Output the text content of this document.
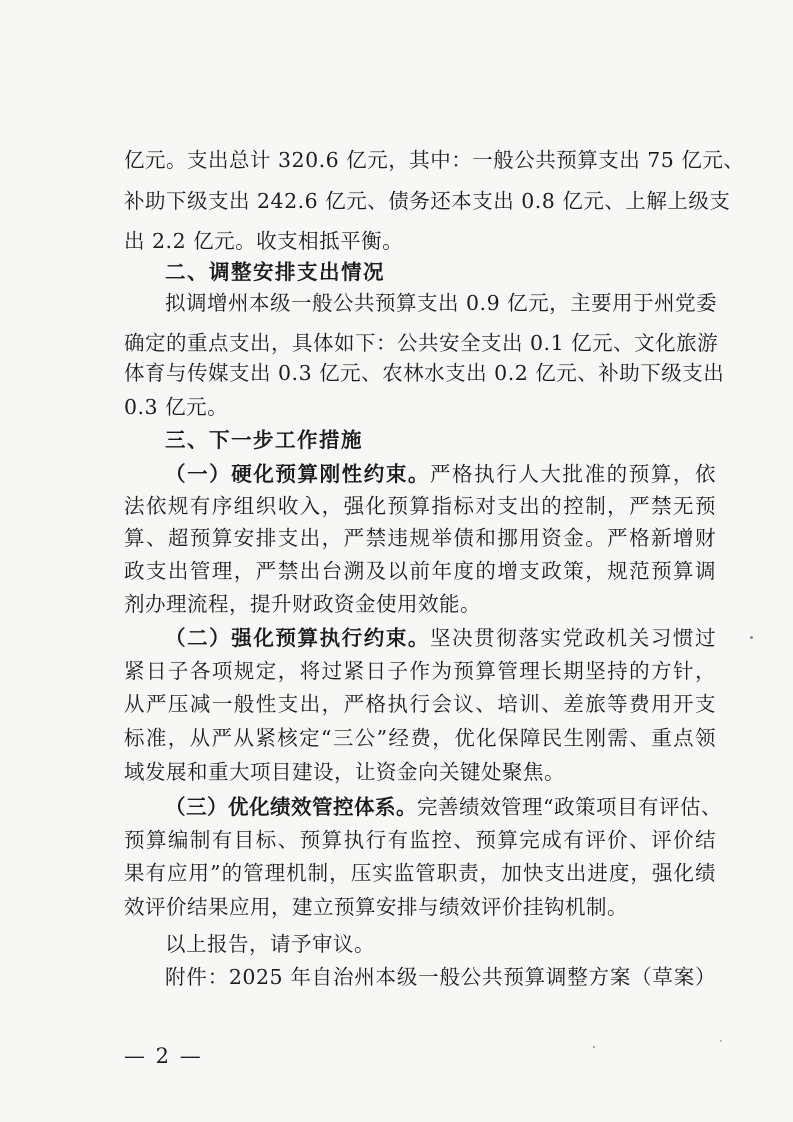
亿元。支出总计 320.6 亿元，其中：一般公共预算支出 75 亿元、
补助下级支出 242.6 亿元、债务还本支出 0.8 亿元、上解上级支
出 2.2 亿元。收支相抵平衡。
二、调整安排支出情况
拟调增州本级一般公共预算支出 0.9 亿元，主要用于州党委
确定的重点支出，具体如下：公共安全支出 0.1 亿元、文化旅游
体育与传媒支出 0.3 亿元、农林水支出 0.2 亿元、补助下级支出
0.3 亿元。
三、下一步工作措施
（一）硬化预算刚性约束。严格执行人大批准的预算，依
法依规有序组织收入，强化预算指标对支出的控制，严禁无预
算、超预算安排支出，严禁违规举债和挪用资金。严格新增财
政支出管理，严禁出台溯及以前年度的增支政策，规范预算调
剂办理流程，提升财政资金使用效能。
（二）强化预算执行约束。坚决贯彻落实党政机关习惯过
紧日子各项规定，将过紧日子作为预算管理长期坚持的方针，
从严压减一般性支出，严格执行会议、培训、差旅等费用开支
标准，从严从紧核定“三公”经费，优化保障民生刚需、重点领
域发展和重大项目建设，让资金向关键处聚焦。
（三）优化绩效管控体系。完善绩效管理“政策项目有评估、
预算编制有目标、预算执行有监控、预算完成有评价、评价结
果有应用”的管理机制，压实监管职责，加快支出进度，强化绩
效评价结果应用，建立预算安排与绩效评价挂钩机制。
以上报告，请予审议。
附件：2025 年自治州本级一般公共预算调整方案（草案）
— 2 —
